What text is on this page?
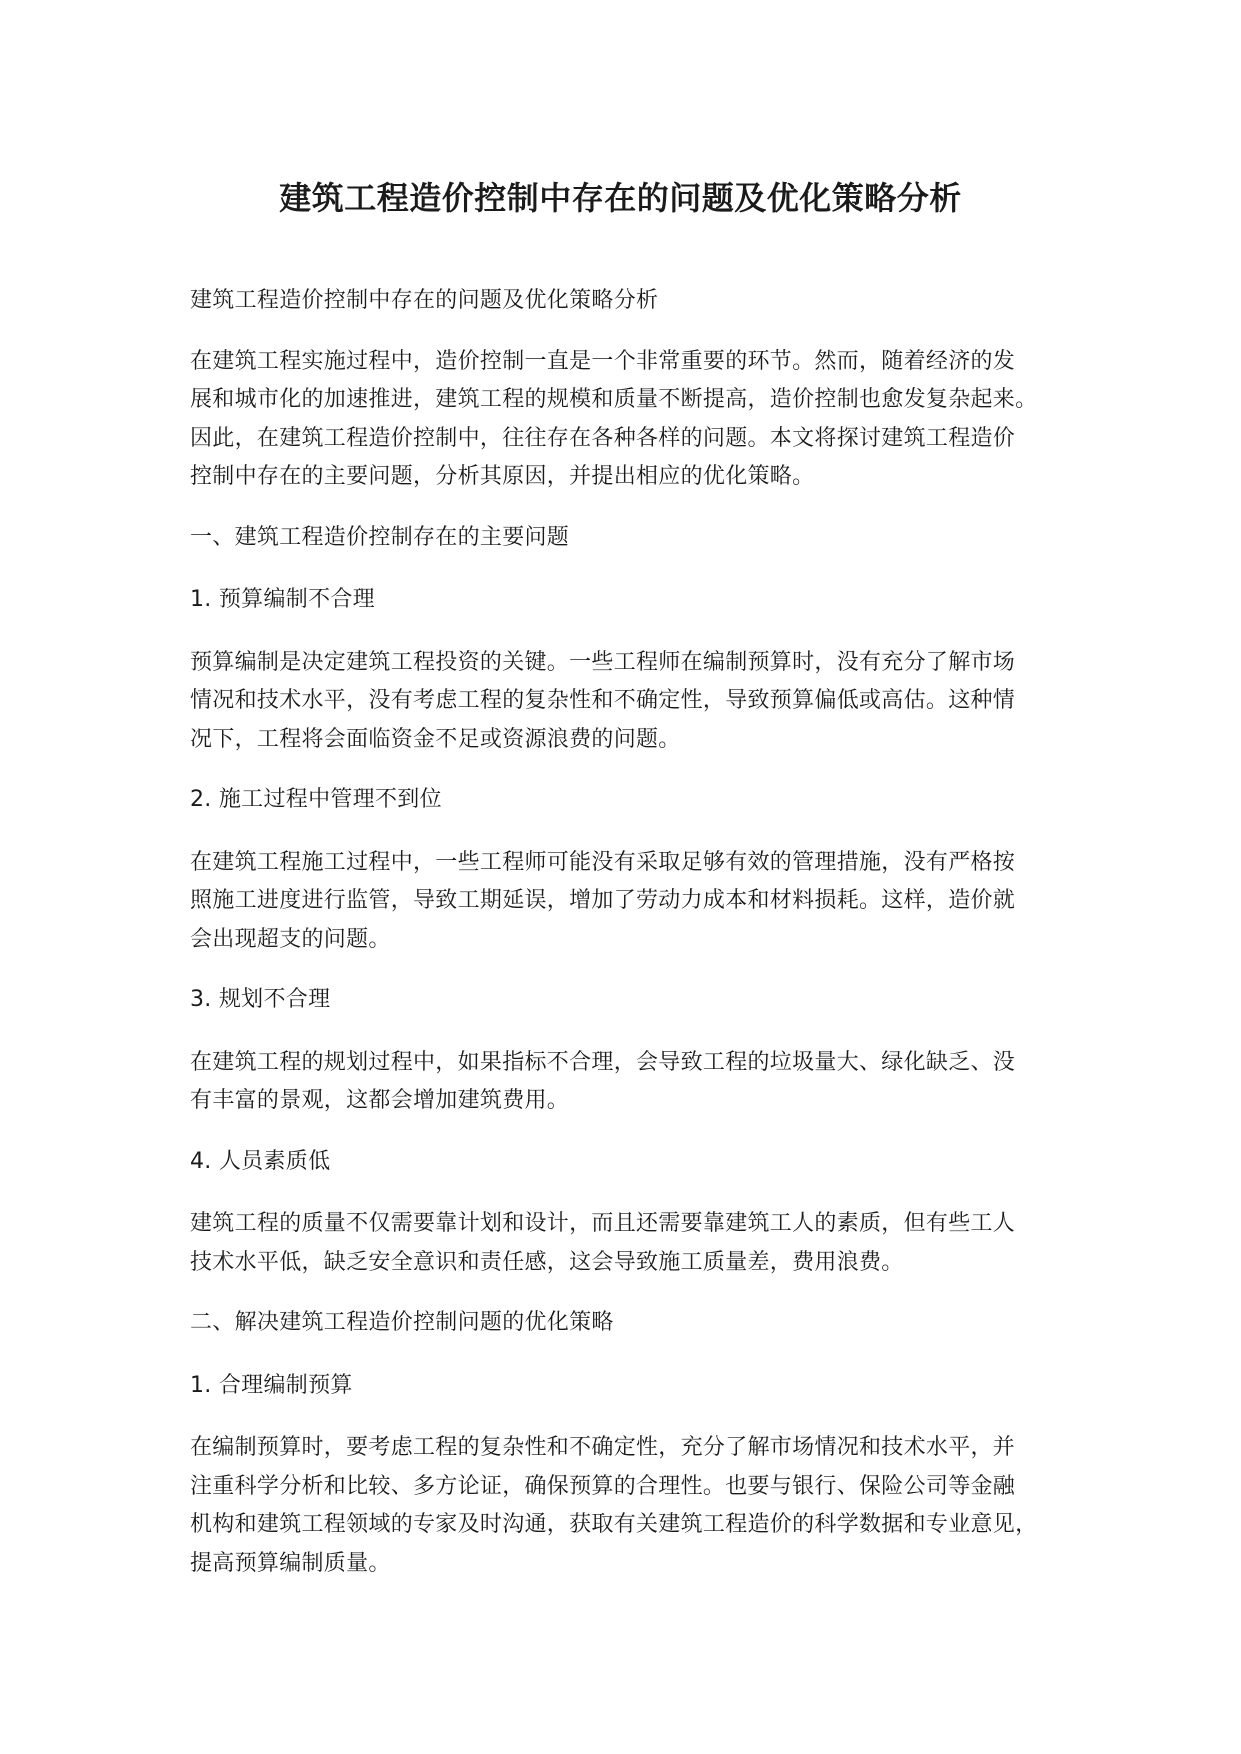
建筑工程造价控制中存在的问题及优化策略分析

建筑工程造价控制中存在的问题及优化策略分析

在建筑工程实施过程中，造价控制一直是一个非常重要的环节。然而，随着经济的发
展和城市化的加速推进，建筑工程的规模和质量不断提高，造价控制也愈发复杂起来。
因此，在建筑工程造价控制中，往往存在各种各样的问题。本文将探讨建筑工程造价
控制中存在的主要问题，分析其原因，并提出相应的优化策略。

一、建筑工程造价控制存在的主要问题

1. 预算编制不合理

预算编制是决定建筑工程投资的关键。一些工程师在编制预算时，没有充分了解市场
情况和技术水平，没有考虑工程的复杂性和不确定性，导致预算偏低或高估。这种情
况下，工程将会面临资金不足或资源浪费的问题。

2. 施工过程中管理不到位

在建筑工程施工过程中，一些工程师可能没有采取足够有效的管理措施，没有严格按
照施工进度进行监管，导致工期延误，增加了劳动力成本和材料损耗。这样，造价就
会出现超支的问题。

3. 规划不合理

在建筑工程的规划过程中，如果指标不合理，会导致工程的垃圾量大、绿化缺乏、没
有丰富的景观，这都会增加建筑费用。

4. 人员素质低

建筑工程的质量不仅需要靠计划和设计，而且还需要靠建筑工人的素质，但有些工人
技术水平低，缺乏安全意识和责任感，这会导致施工质量差，费用浪费。

二、解决建筑工程造价控制问题的优化策略

1. 合理编制预算

在编制预算时，要考虑工程的复杂性和不确定性，充分了解市场情况和技术水平，并
注重科学分析和比较、多方论证，确保预算的合理性。也要与银行、保险公司等金融
机构和建筑工程领域的专家及时沟通，获取有关建筑工程造价的科学数据和专业意见，
提高预算编制质量。
